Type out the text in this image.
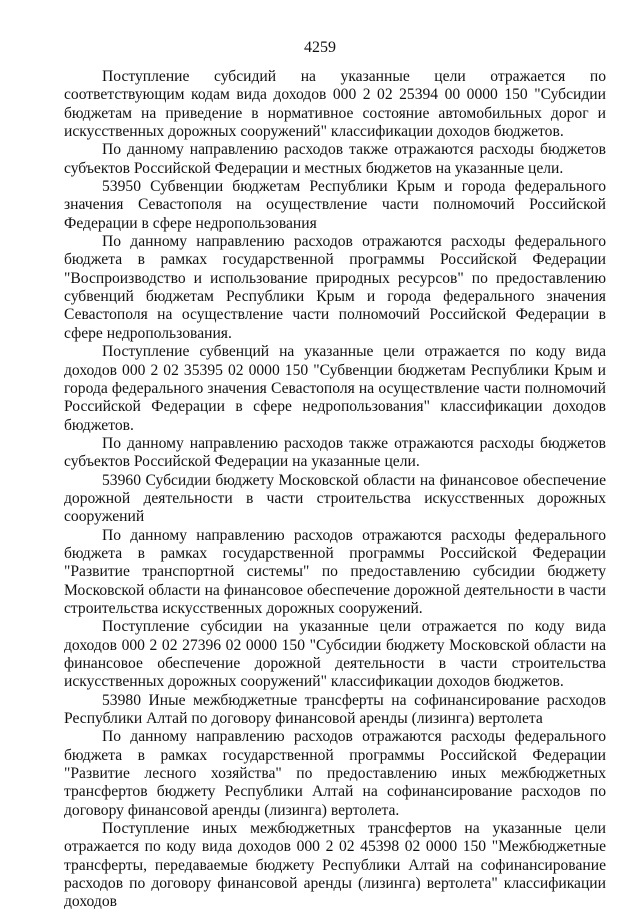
4259

Поступление субсидий на указанные цели отражается по соответствующим кодам вида доходов 000 2 02 25394 00 0000 150 "Субсидии бюджетам на приведение в нормативное состояние автомобильных дорог и искусственных дорожных сооружений" классификации доходов бюджетов.

По данному направлению расходов также отражаются расходы бюджетов субъектов Российской Федерации и местных бюджетов на указанные цели.

53950 Субвенции бюджетам Республики Крым и города федерального значения Севастополя на осуществление части полномочий Российской Федерации в сфере недропользования

По данному направлению расходов отражаются расходы федерального бюджета в рамках государственной программы Российской Федерации "Воспроизводство и использование природных ресурсов" по предоставлению субвенций бюджетам Республики Крым и города федерального значения Севастополя на осуществление части полномочий Российской Федерации в сфере недропользования.

Поступление субвенций на указанные цели отражается по коду вида доходов 000 2 02 35395 02 0000 150 "Субвенции бюджетам Республики Крым и города федерального значения Севастополя на осуществление части полномочий Российской Федерации в сфере недропользования" классификации доходов бюджетов.

По данному направлению расходов также отражаются расходы бюджетов субъектов Российской Федерации на указанные цели.

53960 Субсидии бюджету Московской области на финансовое обеспечение дорожной деятельности в части строительства искусственных дорожных сооружений

По данному направлению расходов отражаются расходы федерального бюджета в рамках государственной программы Российской Федерации "Развитие транспортной системы" по предоставлению субсидии бюджету Московской области на финансовое обеспечение дорожной деятельности в части строительства искусственных дорожных сооружений.

Поступление субсидии на указанные цели отражается по коду вида доходов 000 2 02 27396 02 0000 150 "Субсидии бюджету Московской области на финансовое обеспечение дорожной деятельности в части строительства искусственных дорожных сооружений" классификации доходов бюджетов.

53980 Иные межбюджетные трансферты на софинансирование расходов Республики Алтай по договору финансовой аренды (лизинга) вертолета

По данному направлению расходов отражаются расходы федерального бюджета в рамках государственной программы Российской Федерации "Развитие лесного хозяйства" по предоставлению иных межбюджетных трансфертов бюджету Республики Алтай на софинансирование расходов по договору финансовой аренды (лизинга) вертолета.

Поступление иных межбюджетных трансфертов на указанные цели отражается по коду вида доходов 000 2 02 45398 02 0000 150 "Межбюджетные трансферты, передаваемые бюджету Республики Алтай на софинансирование расходов по договору финансовой аренды (лизинга) вертолета" классификации доходов
